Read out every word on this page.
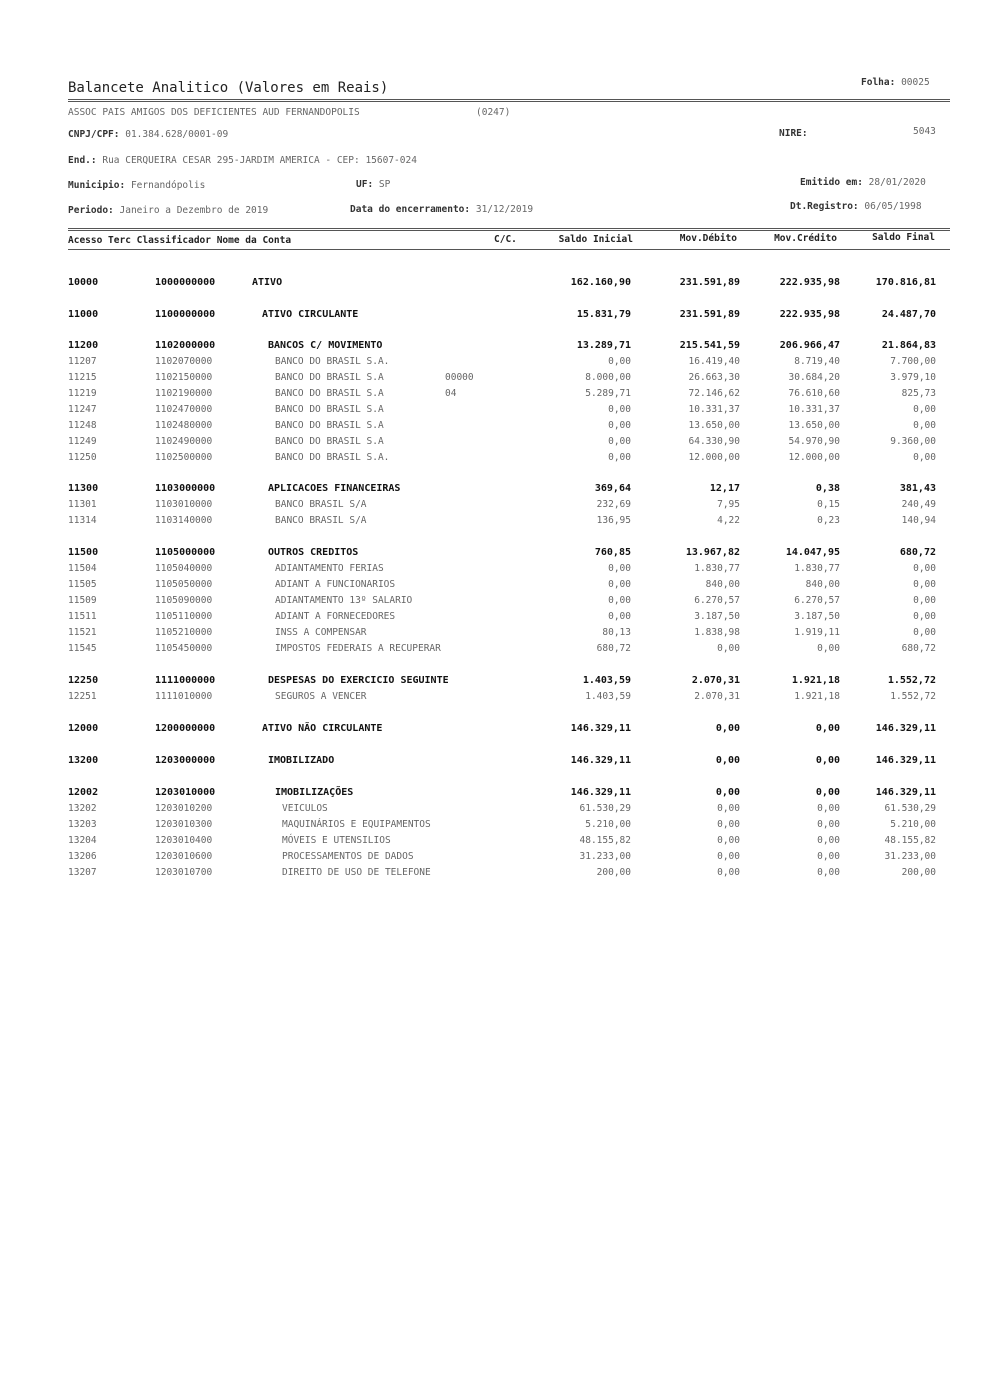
Balancete Analitico (Valores em Reais)	Folha: 00025
ASSOC PAIS AMIGOS DOS DEFICIENTES AUD FERNANDOPOLIS	(0247)
CNPJ/CPF: 01.384.628/0001-09	NIRE:	5043
End.: Rua CERQUEIRA CESAR 295-JARDIM AMERICA - CEP: 15607-024
Municipio: Fernandópolis	UF: SP	Emitido em: 28/01/2020
Periodo: Janeiro a Dezembro de 2019	Data do encerramento: 31/12/2019	Dt.Registro: 06/05/1998
Acesso Terc Classificador Nome da Conta	C/C.	Saldo Inicial	Mov.Débito	Mov.Crédito	Saldo Final
10000	1000000000	ATIVO	162.160,90	231.591,89	222.935,98	170.816,81
11000	1100000000	ATIVO CIRCULANTE	15.831,79	231.591,89	222.935,98	24.487,70
11200	1102000000	BANCOS C/ MOVIMENTO	13.289,71	215.541,59	206.966,47	21.864,83
11207	1102070000	BANCO DO BRASIL S.A.	0,00	16.419,40	8.719,40	7.700,00
11215	1102150000	BANCO DO BRASIL S.A	00000	8.000,00	26.663,30	30.684,20	3.979,10
11219	1102190000	BANCO DO BRASIL S.A	04	5.289,71	72.146,62	76.610,60	825,73
11247	1102470000	BANCO DO BRASIL S.A	0,00	10.331,37	10.331,37	0,00
11248	1102480000	BANCO DO BRASIL S.A	0,00	13.650,00	13.650,00	0,00
11249	1102490000	BANCO DO BRASIL S.A	0,00	64.330,90	54.970,90	9.360,00
11250	1102500000	BANCO DO BRASIL S.A.	0,00	12.000,00	12.000,00	0,00
11300	1103000000	APLICACOES FINANCEIRAS	369,64	12,17	0,38	381,43
11301	1103010000	BANCO BRASIL S/A	232,69	7,95	0,15	240,49
11314	1103140000	BANCO BRASIL S/A	136,95	4,22	0,23	140,94
11500	1105000000	OUTROS CREDITOS	760,85	13.967,82	14.047,95	680,72
11504	1105040000	ADIANTAMENTO FERIAS	0,00	1.830,77	1.830,77	0,00
11505	1105050000	ADIANT A FUNCIONARIOS	0,00	840,00	840,00	0,00
11509	1105090000	ADIANTAMENTO 13º SALARIO	0,00	6.270,57	6.270,57	0,00
11511	1105110000	ADIANT A FORNECEDORES	0,00	3.187,50	3.187,50	0,00
11521	1105210000	INSS A COMPENSAR	80,13	1.838,98	1.919,11	0,00
11545	1105450000	IMPOSTOS FEDERAIS A RECUPERAR	680,72	0,00	0,00	680,72
12250	1111000000	DESPESAS DO EXERCICIO SEGUINTE	1.403,59	2.070,31	1.921,18	1.552,72
12251	1111010000	SEGUROS A VENCER	1.403,59	2.070,31	1.921,18	1.552,72
12000	1200000000	ATIVO NÃO CIRCULANTE	146.329,11	0,00	0,00	146.329,11
13200	1203000000	IMOBILIZADO	146.329,11	0,00	0,00	146.329,11
12002	1203010000	IMOBILIZAÇÕES	146.329,11	0,00	0,00	146.329,11
13202	1203010200	VEICULOS	61.530,29	0,00	0,00	61.530,29
13203	1203010300	MAQUINÁRIOS E EQUIPAMENTOS	5.210,00	0,00	0,00	5.210,00
13204	1203010400	MÓVEIS E UTENSILIOS	48.155,82	0,00	0,00	48.155,82
13206	1203010600	PROCESSAMENTOS DE DADOS	31.233,00	0,00	0,00	31.233,00
13207	1203010700	DIREITO DE USO DE TELEFONE	200,00	0,00	0,00	200,00
